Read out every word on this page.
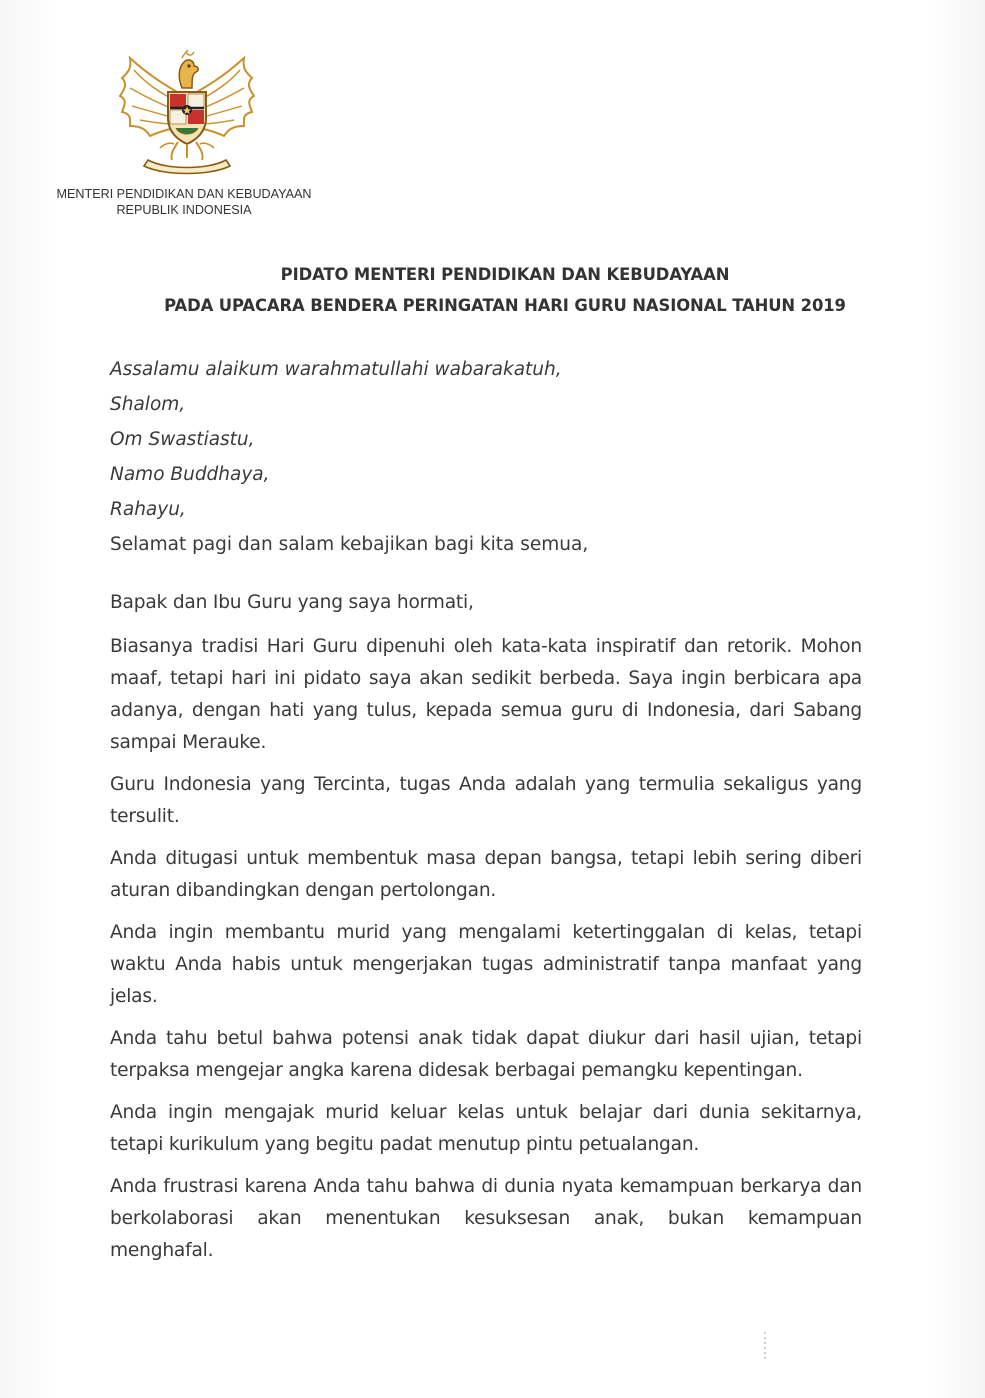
MENTERI PENDIDIKAN DAN KEBUDAYAAN
REPUBLIK INDONESIA
PIDATO MENTERI PENDIDIKAN DAN KEBUDAYAAN
PADA UPACARA BENDERA PERINGATAN HARI GURU NASIONAL TAHUN 2019
Assalamu alaikum warahmatullahi wabarakatuh,
Shalom,
Om Swastiastu,
Namo Buddhaya,
Rahayu,
Selamat pagi dan salam kebajikan bagi kita semua,

Bapak dan Ibu Guru yang saya hormati,

Biasanya tradisi Hari Guru dipenuhi oleh kata-kata inspiratif dan retorik. Mohon maaf, tetapi hari ini pidato saya akan sedikit berbeda. Saya ingin berbicara apa adanya, dengan hati yang tulus, kepada semua guru di Indonesia, dari Sabang sampai Merauke.

Guru Indonesia yang Tercinta, tugas Anda adalah yang termulia sekaligus yang tersulit.

Anda ditugasi untuk membentuk masa depan bangsa, tetapi lebih sering diberi aturan dibandingkan dengan pertolongan.

Anda ingin membantu murid yang mengalami ketertinggalan di kelas, tetapi waktu Anda habis untuk mengerjakan tugas administratif tanpa manfaat yang jelas.

Anda tahu betul bahwa potensi anak tidak dapat diukur dari hasil ujian, tetapi terpaksa mengejar angka karena didesak berbagai pemangku kepentingan.

Anda ingin mengajak murid keluar kelas untuk belajar dari dunia sekitarnya, tetapi kurikulum yang begitu padat menutup pintu petualangan.

Anda frustrasi karena Anda tahu bahwa di dunia nyata kemampuan berkarya dan berkolaborasi akan menentukan kesuksesan anak, bukan kemampuan menghafal.
